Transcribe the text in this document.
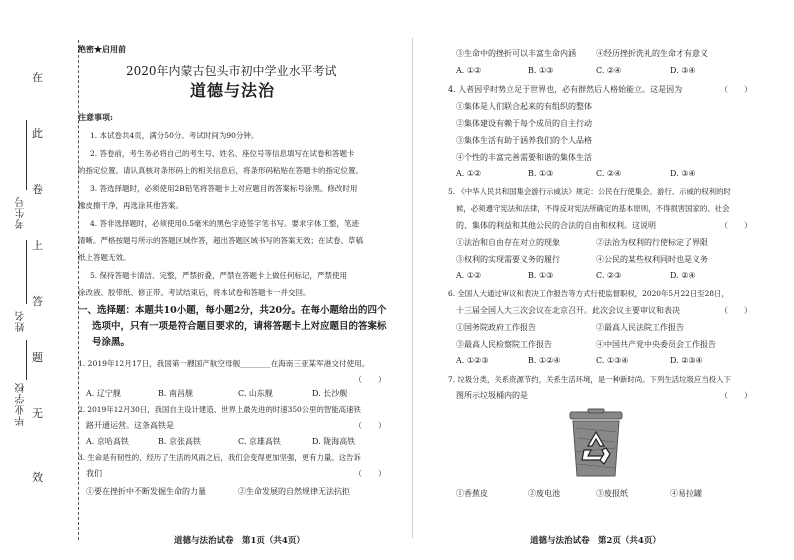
在
此
卷
上
答
题
无
效
考生号
姓名
毕业学校
绝密★启用前
2020年内蒙古包头市初中学业水平考试
道德与法治
注意事项:
1. 本试卷共4页，满分50分。考试时间为90分钟。
2. 答卷前，考生务必将自己的考生号、姓名、座位号等信息填写在试卷和答题卡
的指定位置。请认真核对条形码上的相关信息后，将条形码粘贴在答题卡的指定位置。
3. 答选择题时，必须使用2B铅笔将答题卡上对应题目的答案标号涂黑。修改时用
橡皮擦干净，再选涂其他答案。
4. 答非选择题时，必须使用0.5毫米的黑色字迹签字笔书写。要求字体工整，笔迹
清晰。严格按题号所示的答题区域作答，超出答题区域书写的答案无效；在试卷、草稿
纸上答题无效。
5. 保持答题卡清洁、完整，严禁折叠，严禁在答题卡上做任何标记，严禁使用
涂改液、胶带纸、修正带。考试结束后，将本试卷和答题卡一并交回。
一、选择题：本题共10小题，每小题2分，共20分。在每小题给出的四个
选项中，只有一项是符合题目要求的，请将答题卡上对应题目的答案标
号涂黑。
1. 2019年12月17日，我国第一艘国产航空母舰________在海南三亚某军港交付使用。
（　　）
A. 辽宁舰	B. 南昌舰	C. 山东舰	D. 长沙舰
2. 2019年12月30日，我国自主设计建造、世界上最先进的时速350公里的智能高速铁
路开通运营。这条高铁是	（　　）
A. 京哈高铁	B. 京张高铁	C. 京雄高铁	D. 陇海高铁
3. 生命是有韧性的，经历了生活的风雨之后，我们会变得更加坚强，更有力量。这告诉
我们	（　　）
①要在挫折中不断发掘生命的力量	②生命发展的自然规律无法抗拒
道德与法治试卷　第1页（共4页）
③生命中的挫折可以丰富生命内涵	④经历挫折洗礼的生命才有意义
A. ①②	B. ①③	C. ②④	D. ③④
4. 人者因乎时势立足于世界也，必有群然后人格始能立。这是因为	（　　）
①集体是人们联合起来的有组织的整体
②集体建设有赖于每个成员的自主行动
③集体生活有助于涵养我们的个人品格
④个性的丰富完善需要和谐的集体生活
A. ①②	B. ①③	C. ②④	D. ③④
5. 《中华人民共和国集会游行示威法》规定：公民在行使集会、游行、示威的权利的时
候，必须遵守宪法和法律，不得反对宪法所确定的基本原则，不得损害国家的、社会
的、集体的利益和其他公民的合法的自由和权利。这说明	（　　）
①法治和自由存在对立的现象	②法治为权利的行使标定了界限
③权利的实现需要义务的履行	④公民的某些权利同时也是义务
A. ①②	B. ①③	C. ②③	D. ②④
6. 全国人大通过审议和表决工作报告等方式行使监督职权，2020年5月22日至28日，
十三届全国人大三次会议在北京召开。此次会议主要审议和表决	（　　）
①国务院政府工作报告	②最高人民法院工作报告
③最高人民检察院工作报告	④中国共产党中央委员会工作报告
A. ①②③	B. ①②④	C. ①③④	D. ②③④
7. 垃圾分类，关系资源节约，关系生活环境，是一种新时尚。下列生活垃圾应当投入下
图所示垃圾桶内的是	（　　）
①香蕉皮	②废电池	③废报纸	④易拉罐
道德与法治试卷　第2页（共4页）
